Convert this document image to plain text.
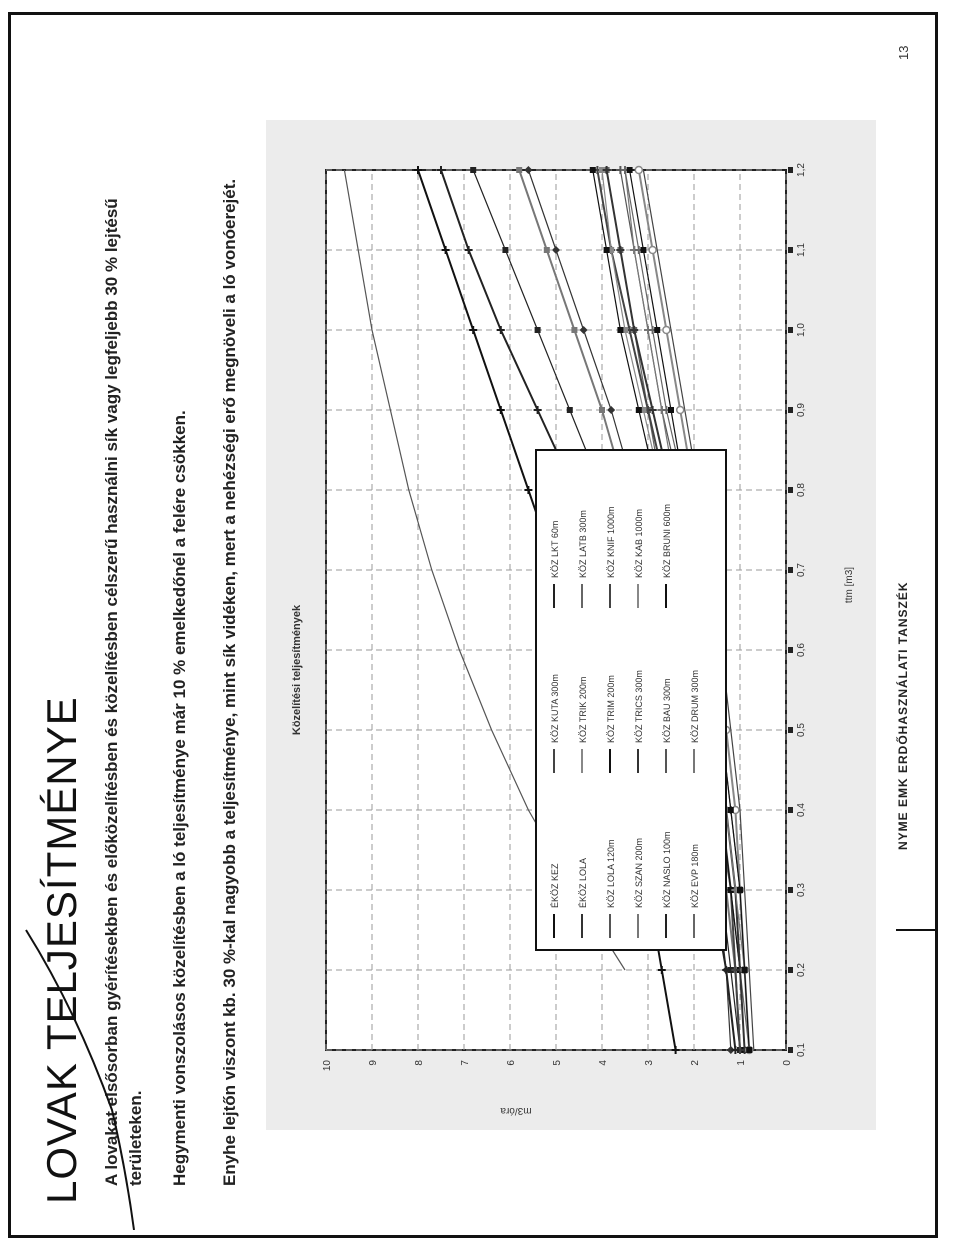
LOVAK TELJESÍTMÉNYE A lovakat elsősorban gyérítésekben és előközelítésben és közelítésben célszerű használni sík vagy legfeljebb 30 % lejtésű területeken. Hegymenti vonszolásos közelítésben a ló teljesítménye már 10 % emelkedőnél a felére csökken. Enyhe lejtőn viszont kb. 30 %-kal nagyobb a teljesítménye, mint sík vidéken, mert a nehézségi erő megnöveli a ló vonóerejét.	0,1
0,2
0,3
0,4
0,5
0,6
0,7
0,8
0,9
1,0
1,1
1,2
0
1
2
3
4
5
6
7
8
9
10
ÉKÖZ KEZ ÉKÖZ LOLA KÖZ LOLA 120m KÖZ SZAN 200m KÖZ NASLO 100m KÖZ EVP 180m
KÖZ KUTA 300m KÖZ TRIK 200m KÖZ TRIM 200m KÖZ TRICS 300m KÖZ BAU 300m KÖZ DRUM 300m
KÖZ LKT 60m KÖZ LATB 300m KÖZ KNIF 1000m KÖZ KAB 1000m KÖZ BRUNI 600m
Közelítési teljesítmények
ttm [m3]
m3/óra
NYME EMK ERDŐHASZNÁLATI TANSZÉK
13
